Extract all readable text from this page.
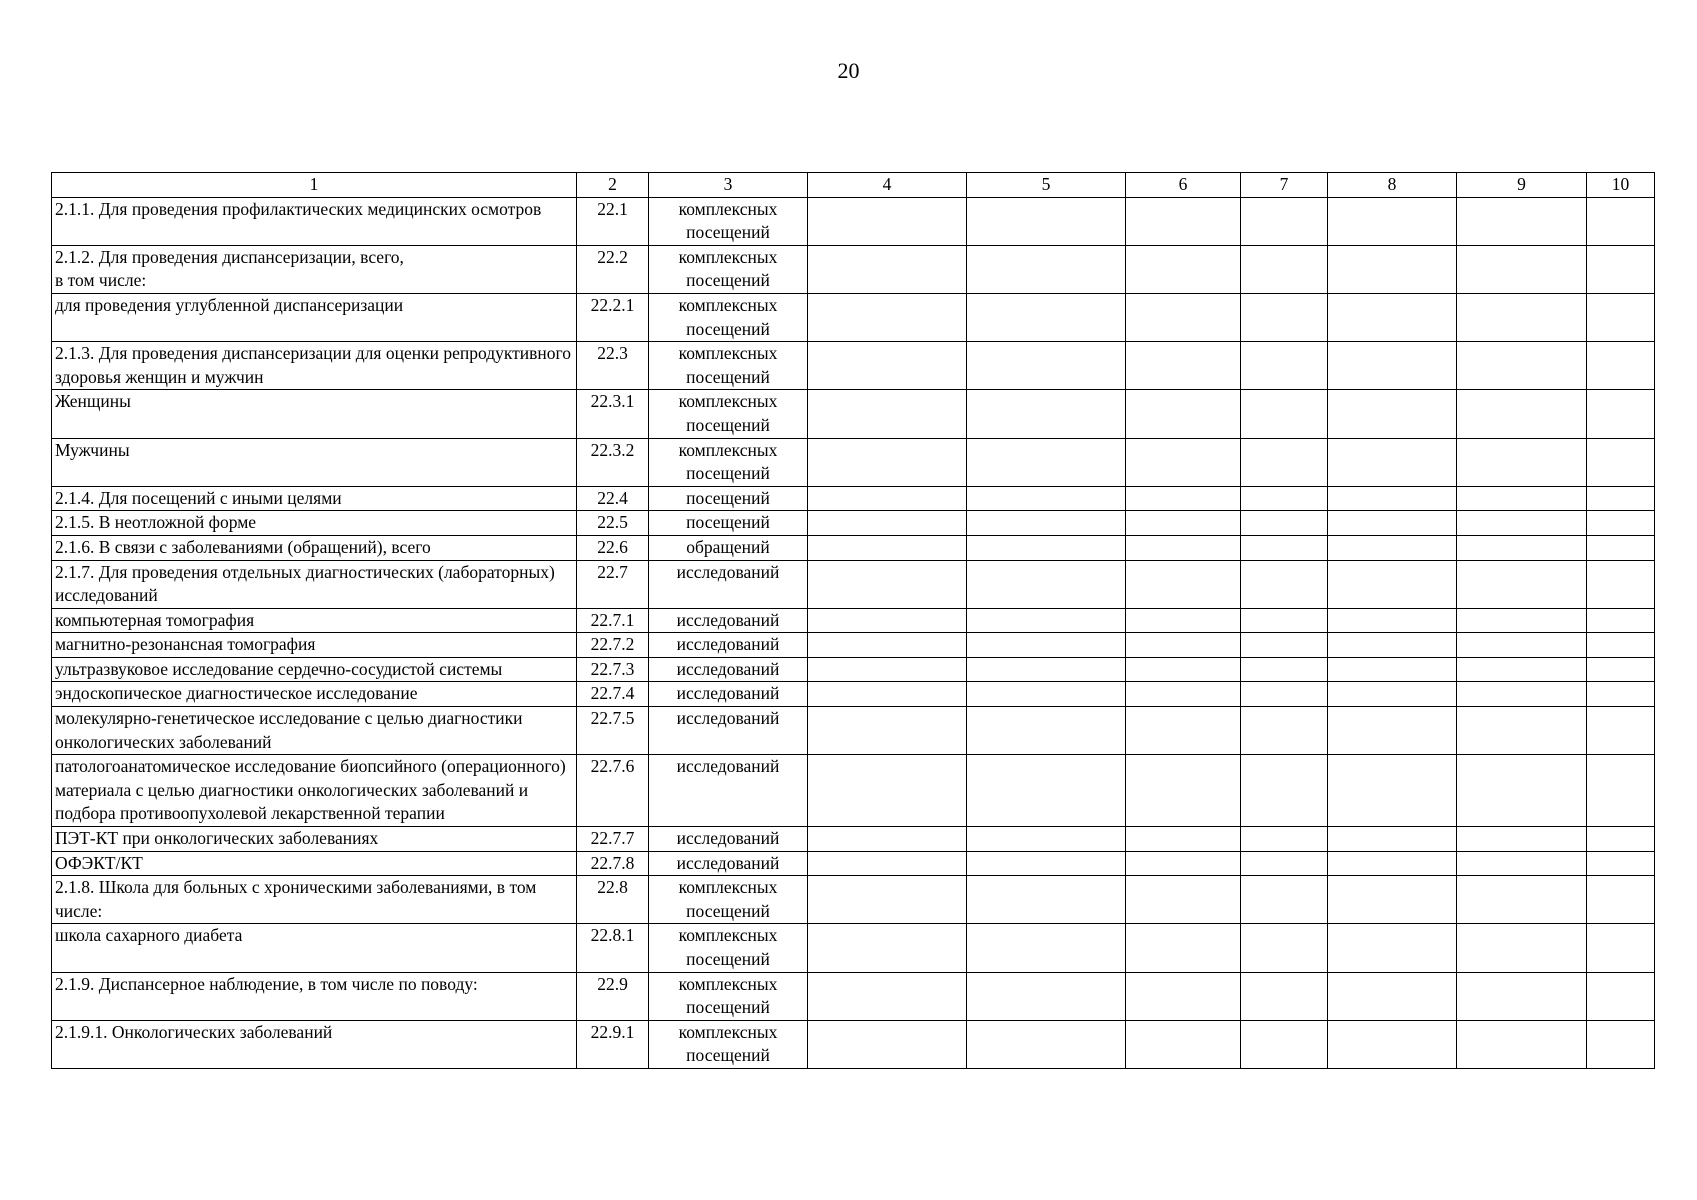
20
1	2	3	4	5	6	7	8	9	10
2.1.1. Для проведения профилактических медицинских осмотров	22.1	комплексных посещений							
2.1.2. Для проведения диспансеризации, всего,
в том числе:	22.2	комплексных посещений							
для проведения углубленной диспансеризации	22.2.1	комплексных посещений							
2.1.3. Для проведения диспансеризации для оценки репродуктивного здоровья женщин и мужчин	22.3	комплексных посещений							
Женщины	22.3.1	комплексных посещений							
Мужчины	22.3.2	комплексных посещений							
2.1.4. Для посещений с иными целями	22.4	посещений							
2.1.5. В неотложной форме	22.5	посещений							
2.1.6. В связи с заболеваниями (обращений), всего	22.6	обращений							
2.1.7. Для проведения отдельных диагностических (лабораторных) исследований	22.7	исследований							
компьютерная томография	22.7.1	исследований							
магнитно-резонансная томография	22.7.2	исследований							
ультразвуковое исследование сердечно-сосудистой системы	22.7.3	исследований							
эндоскопическое диагностическое исследование	22.7.4	исследований							
молекулярно-генетическое исследование с целью диагностики онкологических заболеваний	22.7.5	исследований							
патологоанатомическое исследование биопсийного (операционного) материала с целью диагностики онкологических заболеваний и подбора противоопухолевой лекарственной терапии	22.7.6	исследований							
ПЭТ-КТ при онкологических заболеваниях	22.7.7	исследований							
ОФЭКТ/КТ	22.7.8	исследований							
2.1.8. Школа для больных с хроническими заболеваниями, в том числе:	22.8	комплексных посещений							
школа сахарного диабета	22.8.1	комплексных посещений							
2.1.9. Диспансерное наблюдение, в том числе по поводу:	22.9	комплексных посещений							
2.1.9.1. Онкологических заболеваний	22.9.1	комплексных посещений							
